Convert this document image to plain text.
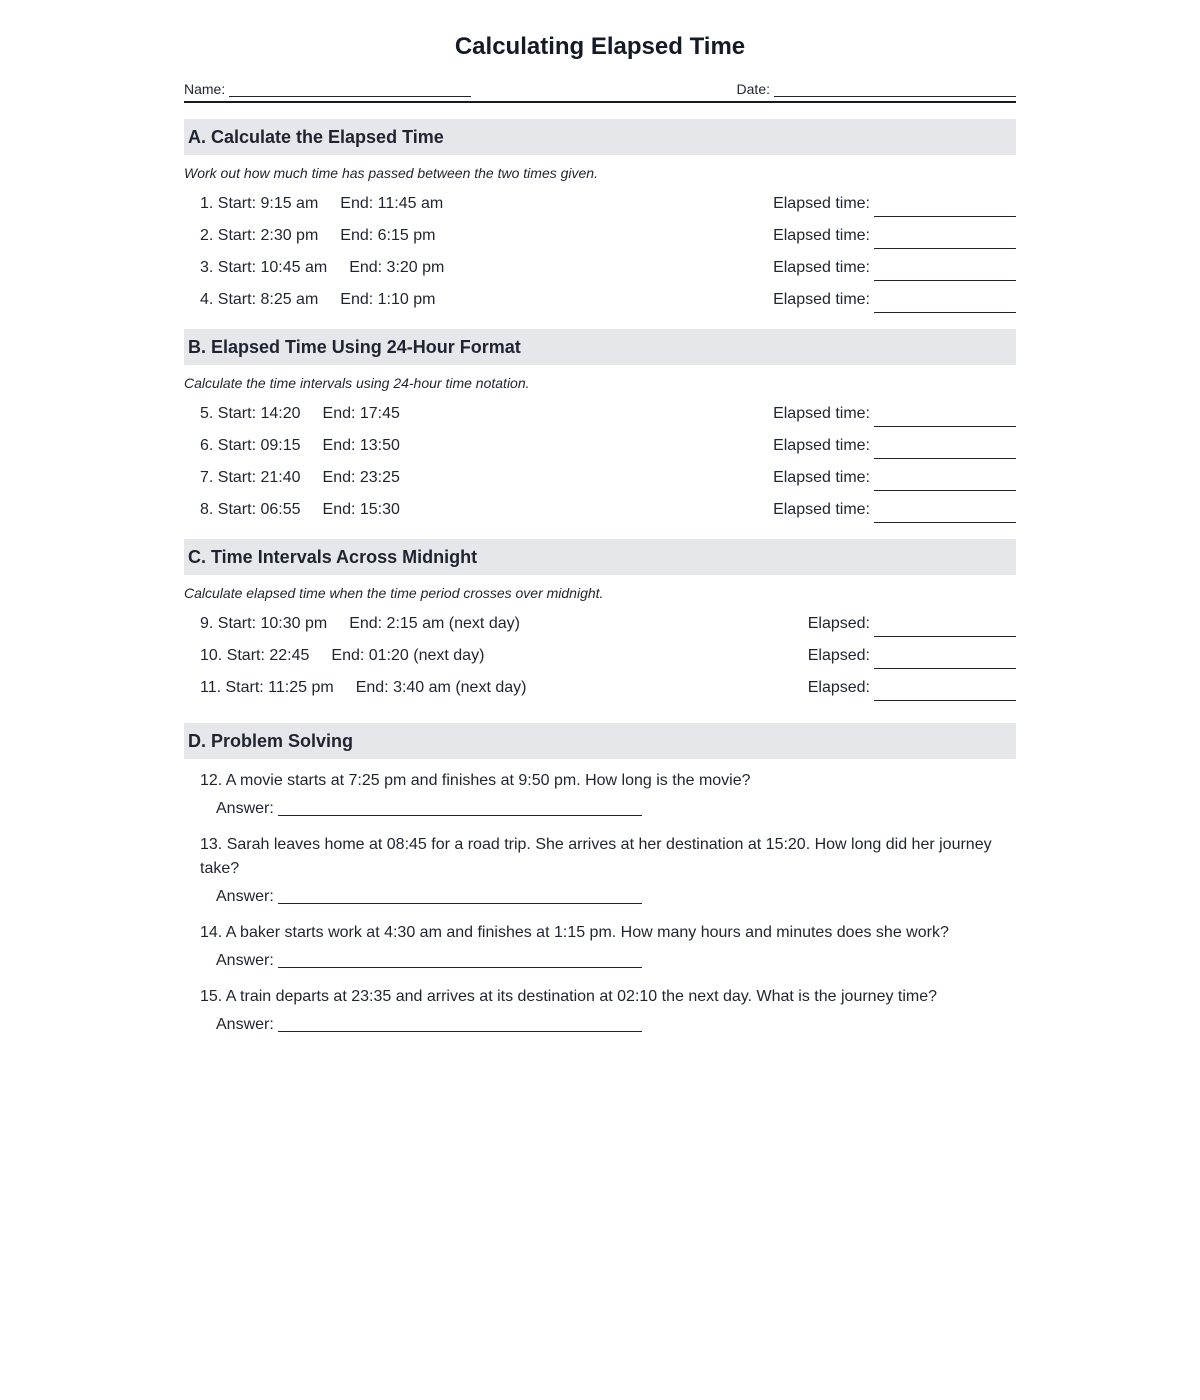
Calculating Elapsed Time
Name:	Date:
A. Calculate the Elapsed Time
Work out how much time has passed between the two times given.
1. Start: 9:15 am End: 11:45 am	Elapsed time:
2. Start: 2:30 pm End: 6:15 pm	Elapsed time:
3. Start: 10:45 am End: 3:20 pm	Elapsed time:
4. Start: 8:25 am End: 1:10 pm	Elapsed time:
B. Elapsed Time Using 24-Hour Format
Calculate the time intervals using 24-hour time notation.
5. Start: 14:20 End: 17:45	Elapsed time:
6. Start: 09:15 End: 13:50	Elapsed time:
7. Start: 21:40 End: 23:25	Elapsed time:
8. Start: 06:55 End: 15:30	Elapsed time:
C. Time Intervals Across Midnight
Calculate elapsed time when the time period crosses over midnight.
9. Start: 10:30 pm End: 2:15 am (next day)	Elapsed:
10. Start: 22:45 End: 01:20 (next day)	Elapsed:
11. Start: 11:25 pm End: 3:40 am (next day)	Elapsed:
D. Problem Solving
12. A movie starts at 7:25 pm and finishes at 9:50 pm. How long is the movie?
Answer:
13. Sarah leaves home at 08:45 for a road trip. She arrives at her destination at 15:20. How long did her journey take?
Answer:
14. A baker starts work at 4:30 am and finishes at 1:15 pm. How many hours and minutes does she work?
Answer:
15. A train departs at 23:35 and arrives at its destination at 02:10 the next day. What is the journey time?
Answer:
